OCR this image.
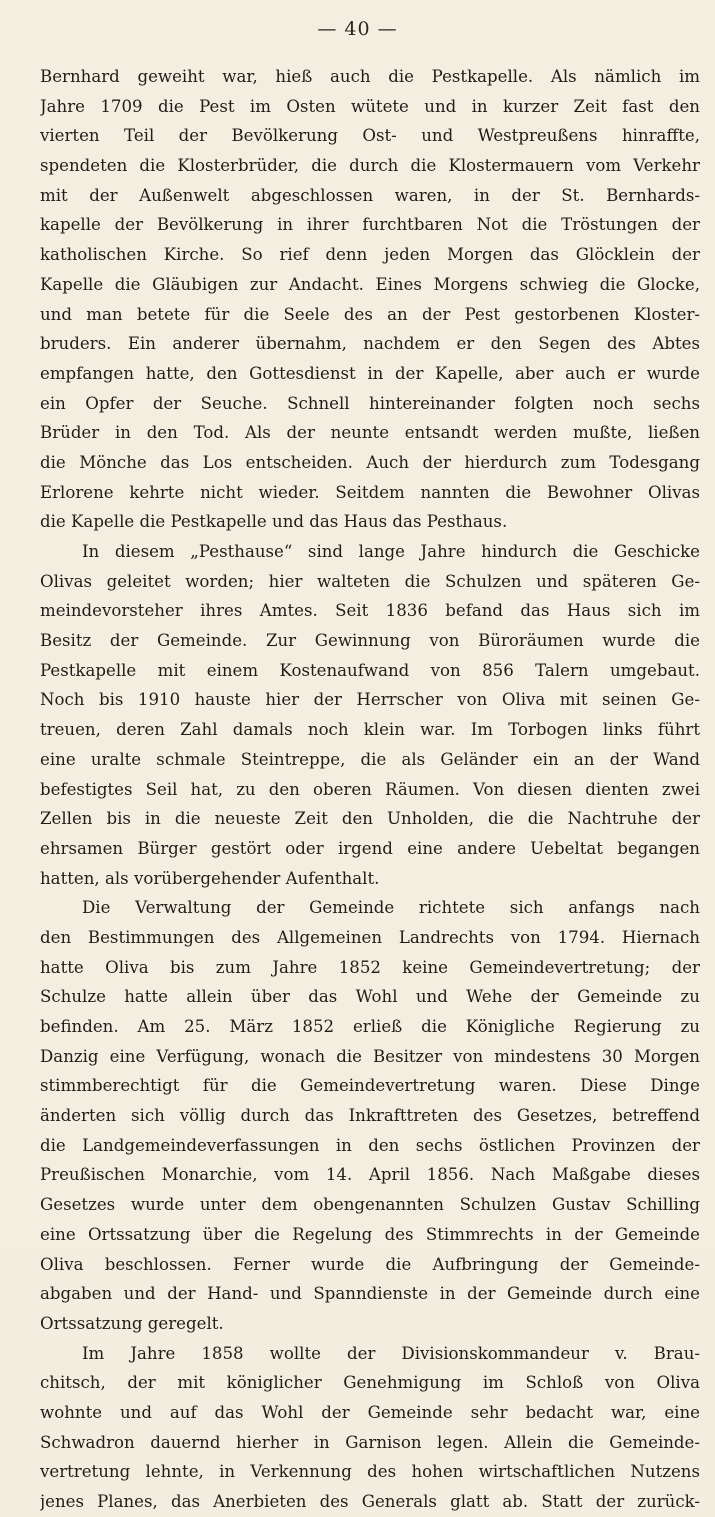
— 40 —
Bernhard geweiht war, hieß auch die Pestkapelle. Als nämlich im
Jahre 1709 die Pest im Osten wütete und in kurzer Zeit fast den
vierten Teil der Bevölkerung Ost- und Westpreußens hinraffte,
spendeten die Klosterbrüder, die durch die Klostermauern vom Verkehr
mit der Außenwelt abgeschlossen waren, in der St. Bernhards-
kapelle der Bevölkerung in ihrer furchtbaren Not die Tröstungen der
katholischen Kirche. So rief denn jeden Morgen das Glöcklein der
Kapelle die Gläubigen zur Andacht. Eines Morgens schwieg die Glocke,
und man betete für die Seele des an der Pest gestorbenen Kloster-
bruders. Ein anderer übernahm, nachdem er den Segen des Abtes
empfangen hatte, den Gottesdienst in der Kapelle, aber auch er wurde
ein Opfer der Seuche. Schnell hintereinander folgten noch sechs
Brüder in den Tod. Als der neunte entsandt werden mußte, ließen
die Mönche das Los entscheiden. Auch der hierdurch zum Todesgang
Erlorene kehrte nicht wieder. Seitdem nannten die Bewohner Olivas
die Kapelle die Pestkapelle und das Haus das Pesthaus.
In diesem „Pesthause“ sind lange Jahre hindurch die Geschicke
Olivas geleitet worden; hier walteten die Schulzen und späteren Ge-
meindevorsteher ihres Amtes. Seit 1836 befand das Haus sich im
Besitz der Gemeinde. Zur Gewinnung von Büroräumen wurde die
Pestkapelle mit einem Kostenaufwand von 856 Talern umgebaut.
Noch bis 1910 hauste hier der Herrscher von Oliva mit seinen Ge-
treuen, deren Zahl damals noch klein war. Im Torbogen links führt
eine uralte schmale Steintreppe, die als Geländer ein an der Wand
befestigtes Seil hat, zu den oberen Räumen. Von diesen dienten zwei
Zellen bis in die neueste Zeit den Unholden, die die Nachtruhe der
ehrsamen Bürger gestört oder irgend eine andere Uebeltat begangen
hatten, als vorübergehender Aufenthalt.
Die Verwaltung der Gemeinde richtete sich anfangs nach
den Bestimmungen des Allgemeinen Landrechts von 1794. Hiernach
hatte Oliva bis zum Jahre 1852 keine Gemeindevertretung; der
Schulze hatte allein über das Wohl und Wehe der Gemeinde zu
befinden. Am 25. März 1852 erließ die Königliche Regierung zu
Danzig eine Verfügung, wonach die Besitzer von mindestens 30 Morgen
stimmberechtigt für die Gemeindevertretung waren. Diese Dinge
änderten sich völlig durch das Inkrafttreten des Gesetzes, betreffend
die Landgemeindeverfassungen in den sechs östlichen Provinzen der
Preußischen Monarchie, vom 14. April 1856. Nach Maßgabe dieses
Gesetzes wurde unter dem obengenannten Schulzen Gustav Schilling
eine Ortssatzung über die Regelung des Stimmrechts in der Gemeinde
Oliva beschlossen. Ferner wurde die Aufbringung der Gemeinde-
abgaben und der Hand- und Spanndienste in der Gemeinde durch eine
Ortssatzung geregelt.
Im Jahre 1858 wollte der Divisionskommandeur v. Brau-
chitsch, der mit königlicher Genehmigung im Schloß von Oliva
wohnte und auf das Wohl der Gemeinde sehr bedacht war, eine
Schwadron dauernd hierher in Garnison legen. Allein die Gemeinde-
vertretung lehnte, in Verkennung des hohen wirtschaftlichen Nutzens
jenes Planes, das Anerbieten des Generals glatt ab. Statt der zurück-
